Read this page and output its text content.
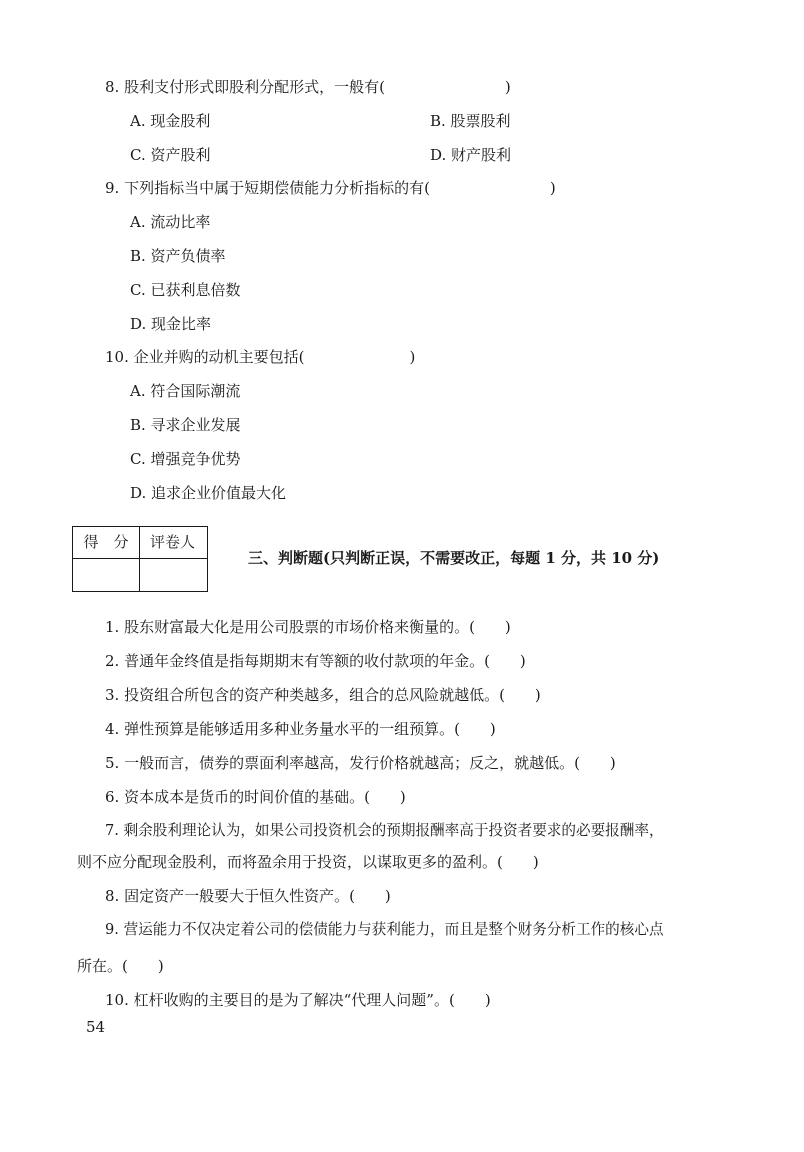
8. 股利支付形式即股利分配形式，一般有(　　　　　　　　)
A. 现金股利	B. 股票股利
C. 资产股利	D. 财产股利
9. 下列指标当中属于短期偿债能力分析指标的有(　　　　　　　　)
A. 流动比率
B. 资产负债率
C. 已获利息倍数
D. 现金比率
10. 企业并购的动机主要包括(　　　　　　　)
A. 符合国际潮流
B. 寻求企业发展
C. 增强竞争优势
D. 追求企业价值最大化
得　分	评卷人
三、判断题(只判断正误，不需要改正，每题 1 分，共 10 分)
1. 股东财富最大化是用公司股票的市场价格来衡量的。(　　)
2. 普通年金终值是指每期期末有等额的收付款项的年金。(　　)
3. 投资组合所包含的资产种类越多，组合的总风险就越低。(　　)
4. 弹性预算是能够适用多种业务量水平的一组预算。(　　)
5. 一般而言，债券的票面利率越高，发行价格就越高；反之，就越低。(　　)
6. 资本成本是货币的时间价值的基础。(　　)
7. 剩余股利理论认为，如果公司投资机会的预期报酬率高于投资者要求的必要报酬率，
则不应分配现金股利，而将盈余用于投资，以谋取更多的盈利。(　　)
8. 固定资产一般要大于恒久性资产。(　　)
9. 营运能力不仅决定着公司的偿债能力与获利能力，而且是整个财务分析工作的核心点
所在。(　　)
10. 杠杆收购的主要目的是为了解决“代理人问题”。(　　)
54
